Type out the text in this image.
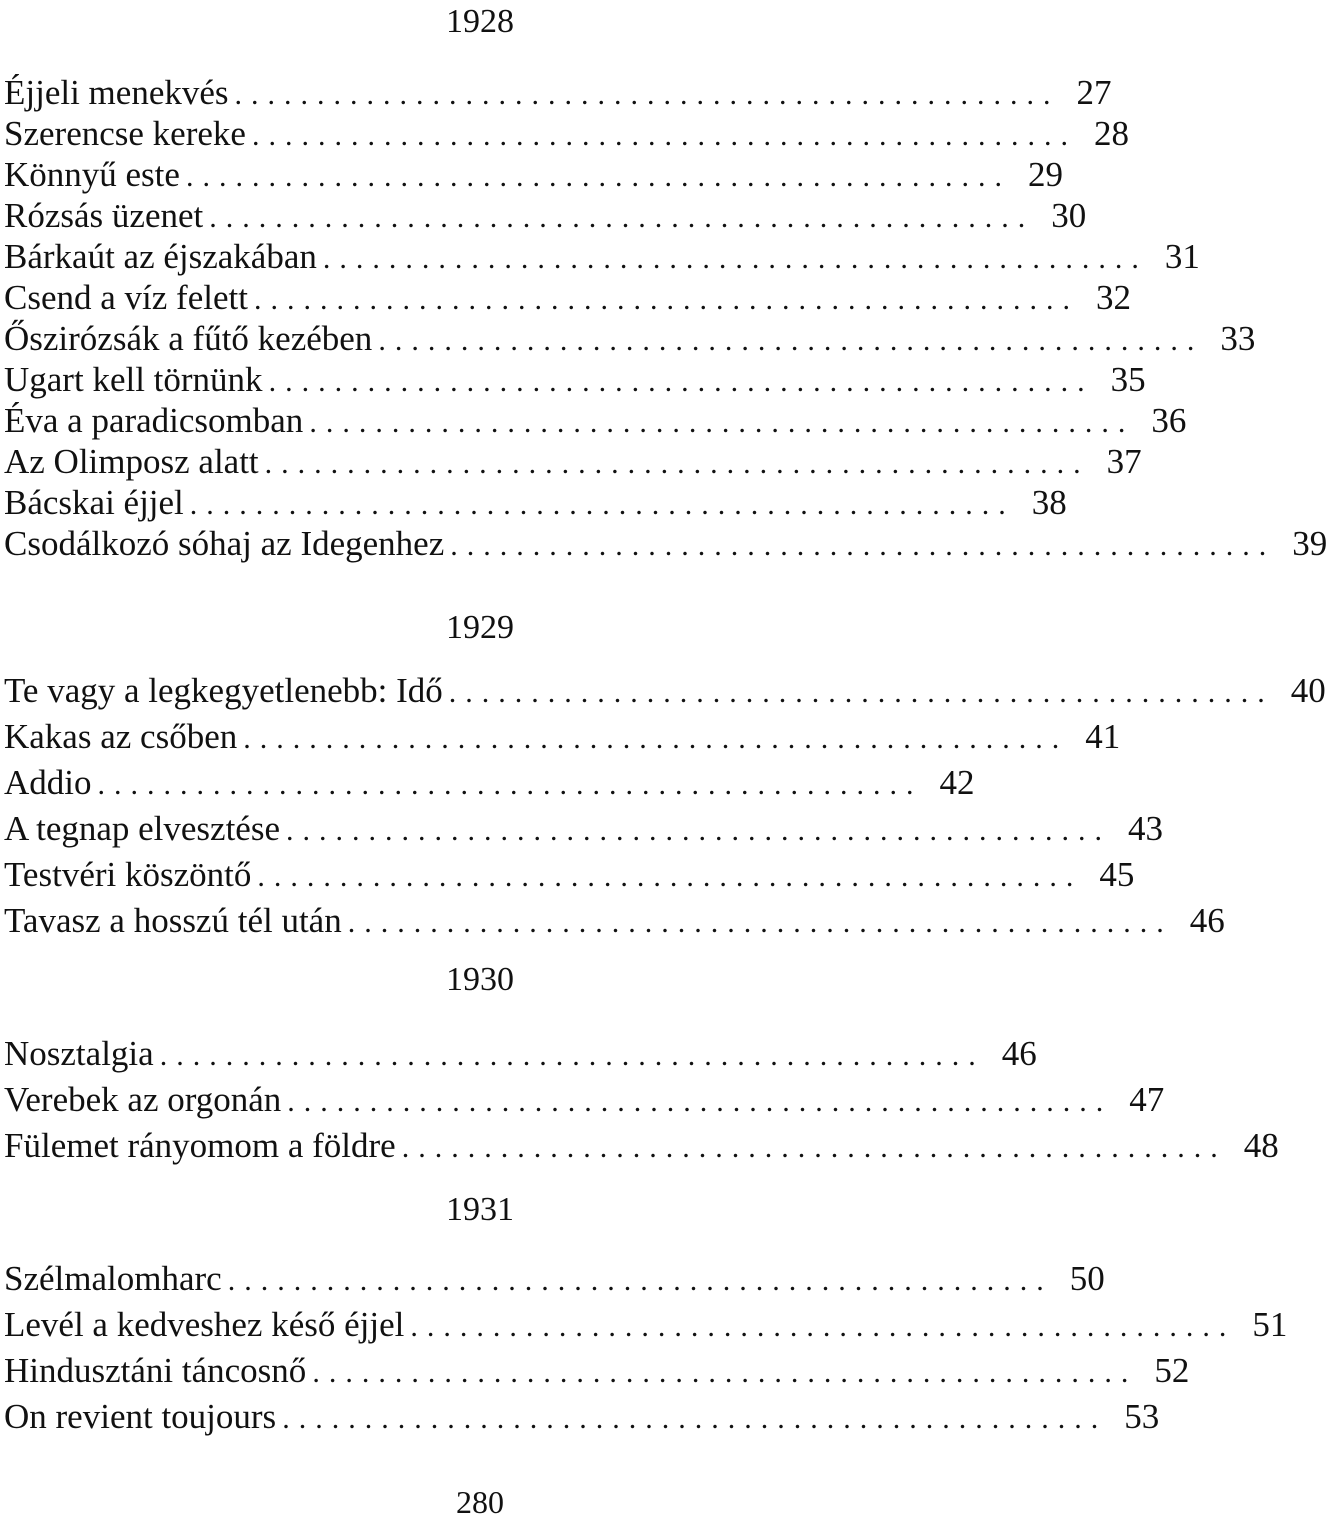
1928
Éjjeli menekvés .................................................. 27
Szerencse kereke .................................................. 28
Könnyű este .................................................. 29
Rózsás üzenet .................................................. 30
Bárkaút az éjszakában .................................................. 31
Csend a víz felett .................................................. 32
Őszirózsák a fűtő kezében .................................................. 33
Ugart kell törnünk .................................................. 35
Éva a paradicsomban .................................................. 36
Az Olimposz alatt .................................................. 37
Bácskai éjjel .................................................. 38
Csodálkozó sóhaj az Idegenhez .................................................. 39
1929
Te vagy a legkegyetlenebb: Idő .................................................. 40
Kakas az csőben .................................................. 41
Addio .................................................. 42
A tegnap elvesztése .................................................. 43
Testvéri köszöntő .................................................. 45
Tavasz a hosszú tél után .................................................. 46
1930
Nosztalgia .................................................. 46
Verebek az orgonán .................................................. 47
Fülemet rányomom a földre .................................................. 48
1931
Szélmalomharc .................................................. 50
Levél a kedveshez késő éjjel .................................................. 51
Hindusztáni táncosnő .................................................. 52
On revient toujours .................................................. 53
280
